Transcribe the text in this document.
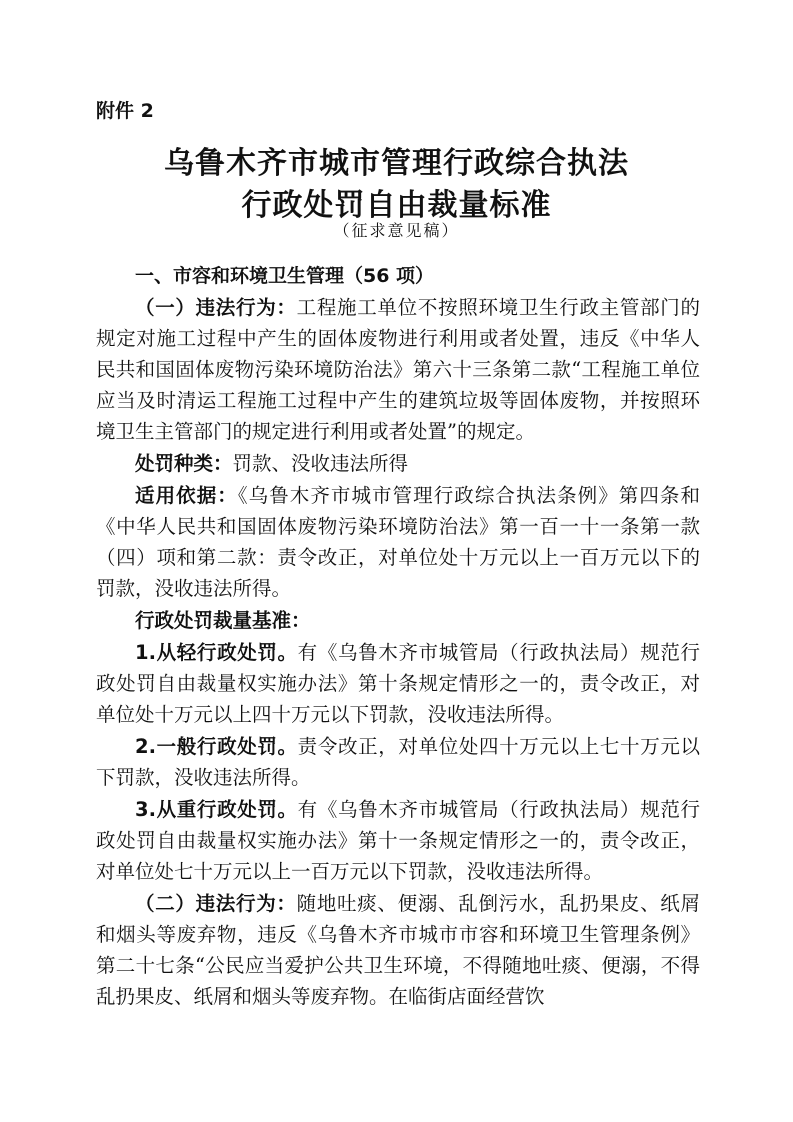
附件 2
乌鲁木齐市城市管理行政综合执法
行政处罚自由裁量标准
（征求意见稿）

一、市容和环境卫生管理（56 项）

（一）违法行为：工程施工单位不按照环境卫生行政主管部门的规定对施工过程中产生的固体废物进行利用或者处置，违反《中华人民共和国固体废物污染环境防治法》第六十三条第二款“工程施工单位应当及时清运工程施工过程中产生的建筑垃圾等固体废物，并按照环境卫生主管部门的规定进行利用或者处置”的规定。

处罚种类：罚款、没收违法所得

适用依据：《乌鲁木齐市城市管理行政综合执法条例》第四条和《中华人民共和国固体废物污染环境防治法》第一百一十一条第一款（四）项和第二款：责令改正，对单位处十万元以上一百万元以下的罚款，没收违法所得。

行政处罚裁量基准：

1.从轻行政处罚。有《乌鲁木齐市城管局（行政执法局）规范行政处罚自由裁量权实施办法》第十条规定情形之一的，责令改正，对单位处十万元以上四十万元以下罚款，没收违法所得。

2.一般行政处罚。责令改正，对单位处四十万元以上七十万元以下罚款，没收违法所得。

3.从重行政处罚。有《乌鲁木齐市城管局（行政执法局）规范行政处罚自由裁量权实施办法》第十一条规定情形之一的，责令改正，对单位处七十万元以上一百万元以下罚款，没收违法所得。

（二）违法行为：随地吐痰、便溺、乱倒污水，乱扔果皮、纸屑和烟头等废弃物，违反《乌鲁木齐市城市市容和环境卫生管理条例》第二十七条“公民应当爱护公共卫生环境，不得随地吐痰、便溺，不得乱扔果皮、纸屑和烟头等废弃物。在临街店面经营饮
